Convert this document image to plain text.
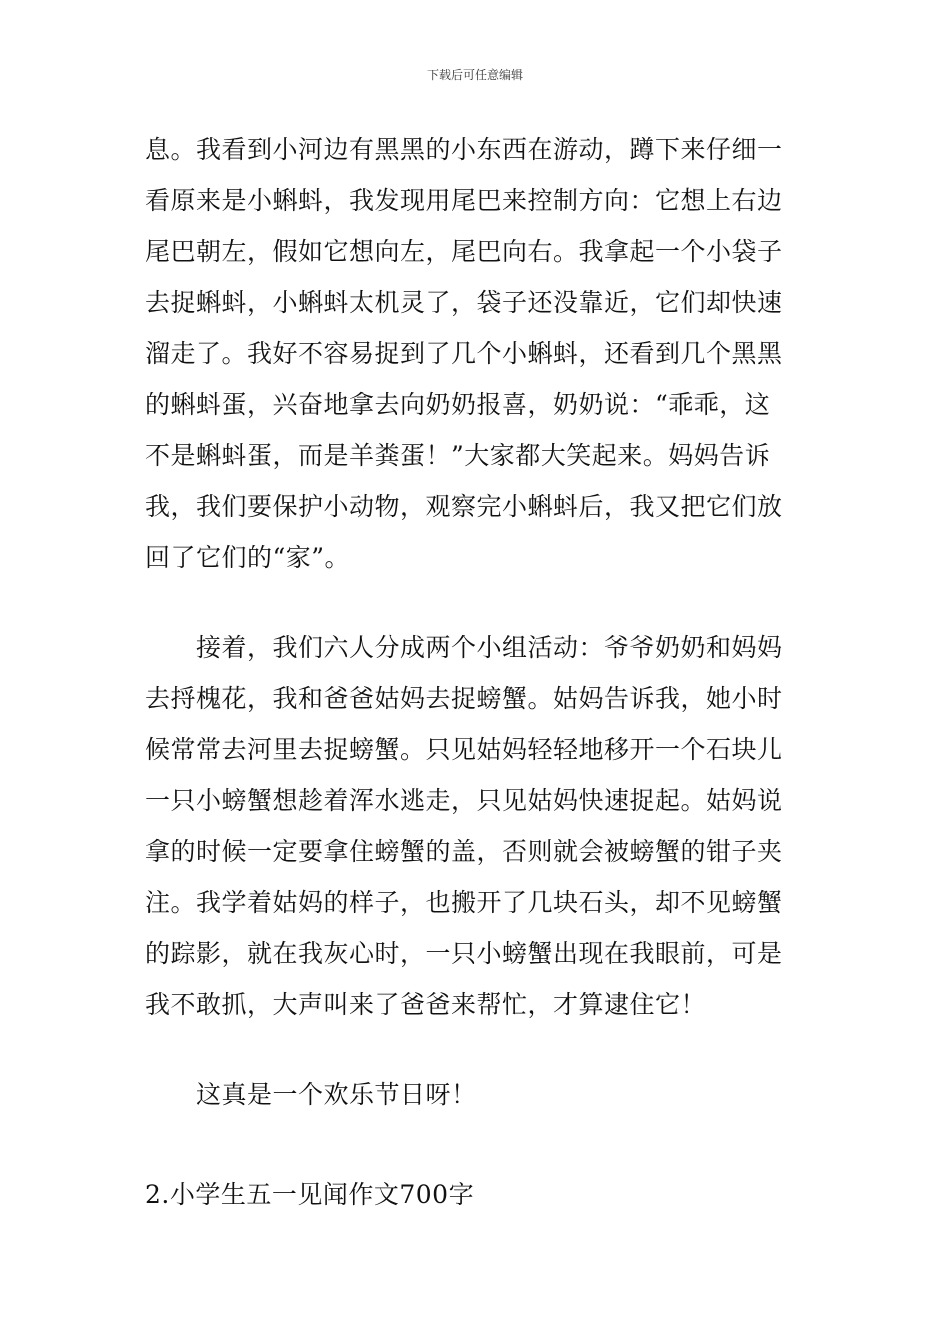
下载后可任意编辑
息。我看到小河边有黑黑的小东西在游动，蹲下来仔细一
看原来是小蝌蚪，我发现用尾巴来控制方向：它想上右边
尾巴朝左，假如它想向左，尾巴向右。我拿起一个小袋子
去捉蝌蚪，小蝌蚪太机灵了，袋子还没靠近，它们却快速
溜走了。我好不容易捉到了几个小蝌蚪，还看到几个黑黑
的蝌蚪蛋，兴奋地拿去向奶奶报喜，奶奶说：“乖乖，这
不是蝌蚪蛋，而是羊粪蛋！”大家都大笑起来。妈妈告诉
我，我们要保护小动物，观察完小蝌蚪后，我又把它们放
回了它们的“家”。
　　接着，我们六人分成两个小组活动：爷爷奶奶和妈妈
去捋槐花，我和爸爸姑妈去捉螃蟹。姑妈告诉我，她小时
候常常去河里去捉螃蟹。只见姑妈轻轻地移开一个石块儿
一只小螃蟹想趁着浑水逃走，只见姑妈快速捉起。姑妈说
拿的时候一定要拿住螃蟹的盖，否则就会被螃蟹的钳子夹
注。我学着姑妈的样子，也搬开了几块石头，却不见螃蟹
的踪影，就在我灰心时，一只小螃蟹出现在我眼前，可是
我不敢抓，大声叫来了爸爸来帮忙，才算逮住它！
　　这真是一个欢乐节日呀！
2.小学生五一见闻作文700字
